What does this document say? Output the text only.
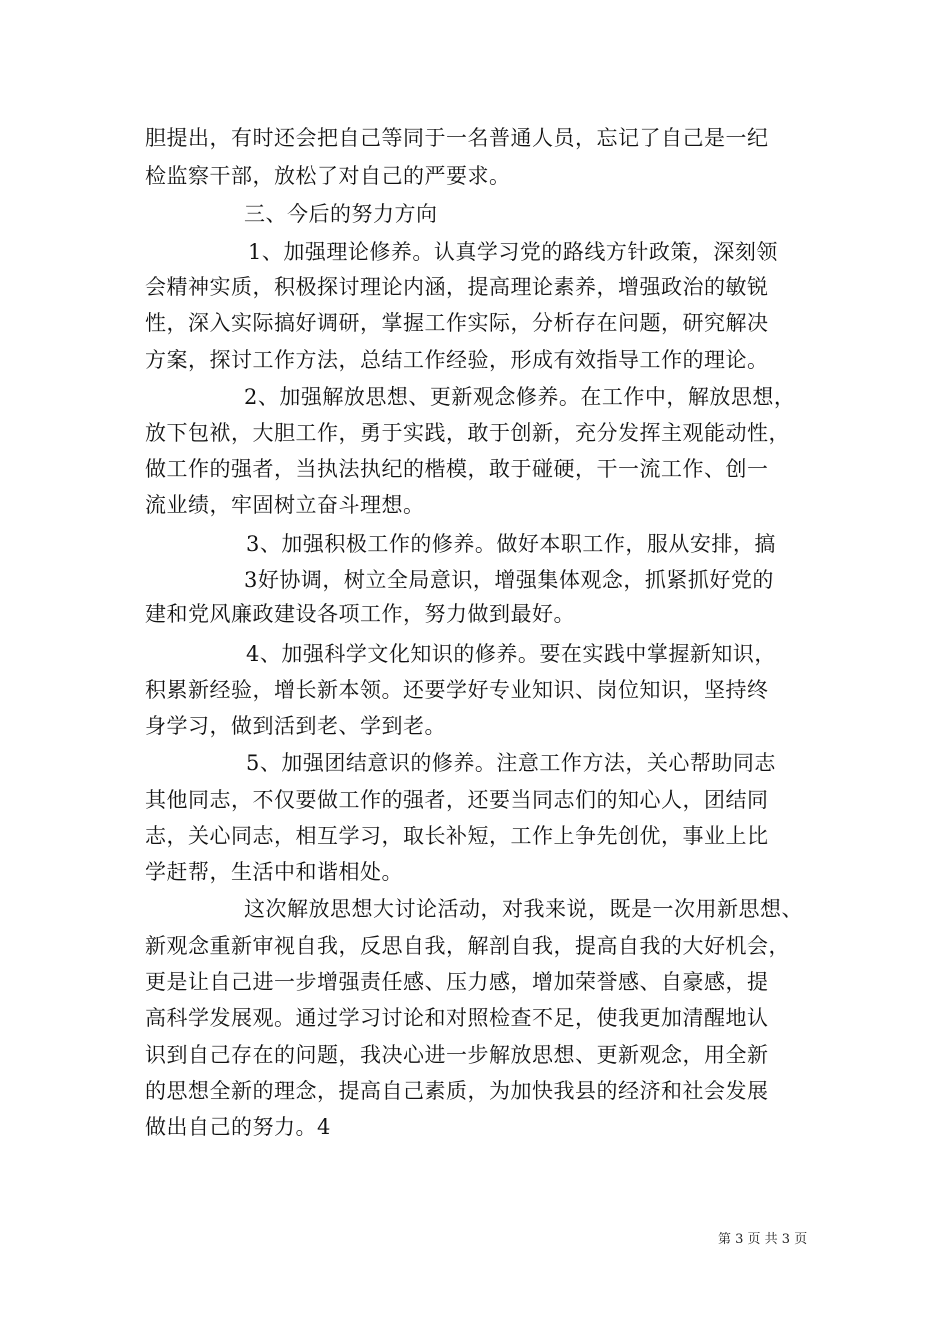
胆提出，有时还会把自己等同于一名普通人员，忘记了自己是一纪
检监察干部，放松了对自己的严要求。
三、今后的努力方向
1、加强理论修养。认真学习党的路线方针政策，深刻领
会精神实质，积极探讨理论内涵，提高理论素养，增强政治的敏锐
性，深入实际搞好调研，掌握工作实际，分析存在问题，研究解决
方案，探讨工作方法，总结工作经验，形成有效指导工作的理论。
2、加强解放思想、更新观念修养。在工作中，解放思想，
放下包袱，大胆工作，勇于实践，敢于创新，充分发挥主观能动性，
做工作的强者，当执法执纪的楷模，敢于碰硬，干一流工作、创一
流业绩，牢固树立奋斗理想。
3、加强积极工作的修养。做好本职工作，服从安排，搞
3好协调，树立全局意识，增强集体观念，抓紧抓好党的
建和党风廉政建设各项工作，努力做到最好。
4、加强科学文化知识的修养。要在实践中掌握新知识，
积累新经验，增长新本领。还要学好专业知识、岗位知识，坚持终
身学习，做到活到老、学到老。
5、加强团结意识的修养。注意工作方法，关心帮助同志
其他同志，不仅要做工作的强者，还要当同志们的知心人，团结同
志，关心同志，相互学习，取长补短，工作上争先创优，事业上比
学赶帮，生活中和谐相处。
这次解放思想大讨论活动，对我来说，既是一次用新思想、
新观念重新审视自我，反思自我，解剖自我，提高自我的大好机会，
更是让自己进一步增强责任感、压力感，增加荣誉感、自豪感，提
高科学发展观。通过学习讨论和对照检查不足，使我更加清醒地认
识到自己存在的问题，我决心进一步解放思想、更新观念，用全新
的思想全新的理念，提高自己素质，为加快我县的经济和社会发展
做出自己的努力。4
第 3 页 共 3 页
